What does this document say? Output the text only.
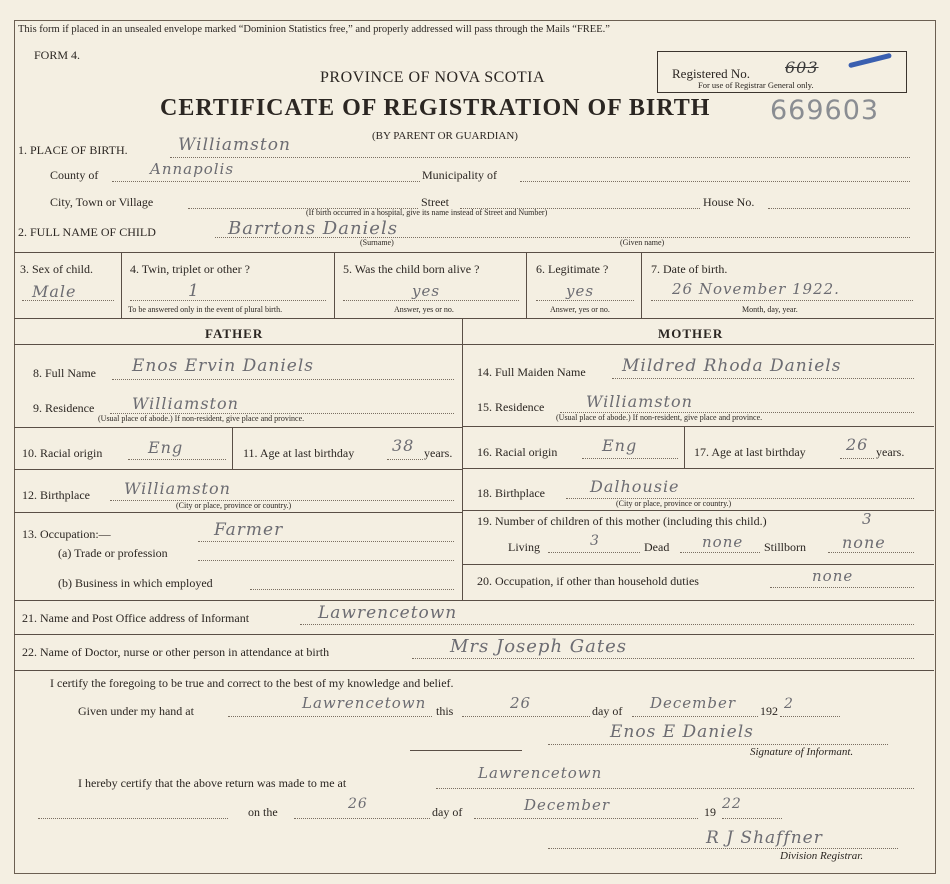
This form if placed in an unsealed envelope marked “Dominion Statistics free,” and properly addressed will pass through the Mails “FREE.”
FORM 4.
PROVINCE OF NOVA SCOTIA
CERTIFICATE OF REGISTRATION OF BIRTH
(BY PARENT OR GUARDIAN)
Registered No. 603
For use of Registrar General only.
669603
1. PLACE OF BIRTH.	Williamston
County of	Annapolis	Municipality of
City, Town or Village	Street	House No.
(If birth occurred in a hospital, give its name instead of Street and Number)
2. FULL NAME OF CHILD	Barrtons Daniels
(Surname)	(Given name)
3. Sex of child.
Male
4. Twin, triplet or other ?
1
To be answered only in the event of plural birth.
5. Was the child born alive ?
yes
Answer, yes or no.
6. Legitimate ?
yes
Answer, yes or no.
7. Date of birth.
26 November 1922.
Month, day, year.
FATHER	MOTHER
8. Full Name Enos Ervin Daniels
9. Residence Williamston
(Usual place of abode.) If non-resident, give place and province.
10. Racial origin	Eng	11. Age at last birthday 38 years.
12. Birthplace Williamston
(City or place, province or country.)
13. Occupation:—	Farmer
(a) Trade or profession
(b) Business in which employed
14. Full Maiden Name Mildred Rhoda Daniels
15. Residence	Williamston
(Usual place of abode.) If non-resident, give place and province.
16. Racial origin	Eng	17. Age at last birthday	26 years.
18. Birthplace	Dalhousie
(City or place, province or country.)
19. Number of children of this mother (including this child.)	3
Living	3	Dead none Stillborn none
20. Occupation, if other than household duties	none
21. Name and Post Office address of Informant	Lawrencetown
22. Name of Doctor, nurse or other person in attendance at birth	Mrs Joseph Gates
I certify the foregoing to be true and correct to the best of my knowledge and belief.
Given under my hand at	Lawrencetown this	26	day of December 192 2
Enos E Daniels
Signature of Informant.
I hereby certify that the above return was made to me at
Lawrencetown
on the	26	day of	December	19 22
R J Shaffner
Division Registrar.
